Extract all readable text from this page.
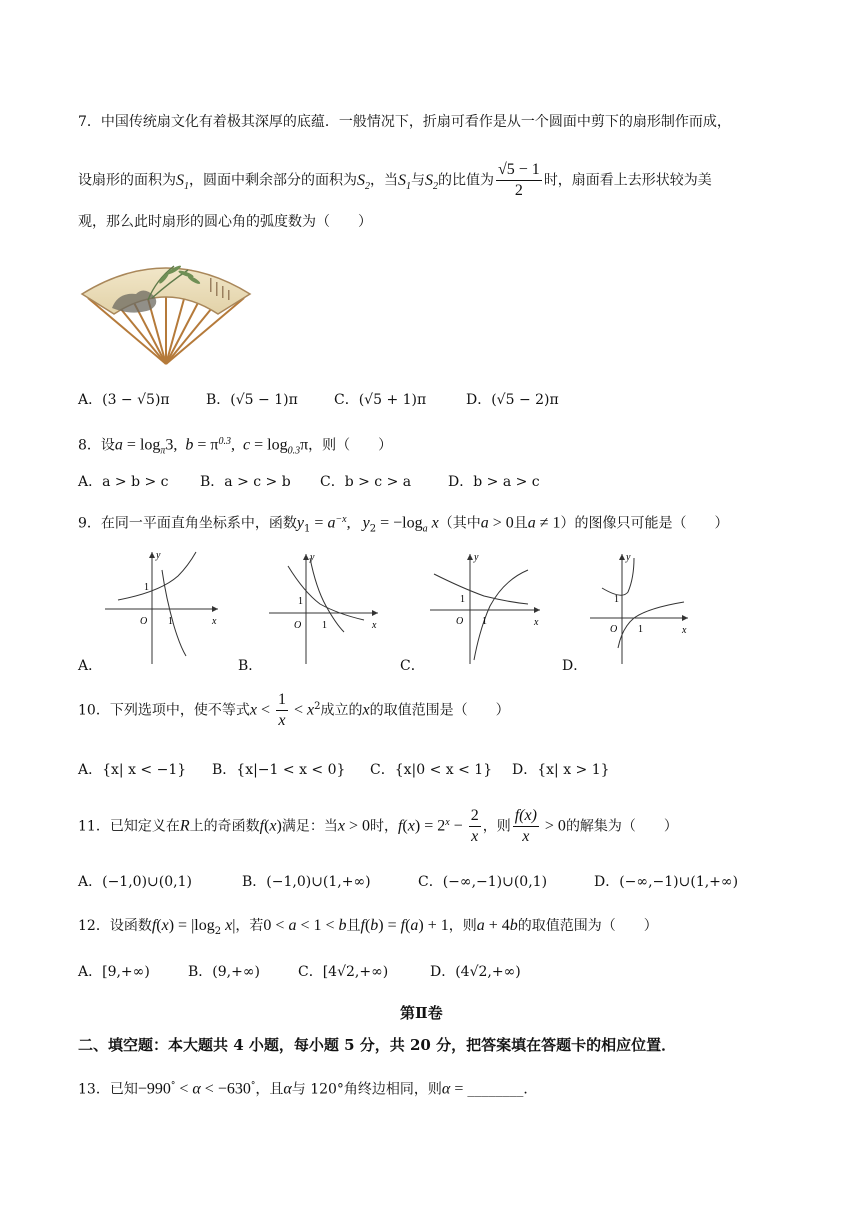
7．中国传统扇文化有着极其深厚的底蕴．一般情况下，折扇可看作是从一个圆面中剪下的扇形制作而成，
设扇形的面积为$S_1$，圆面中剩余部分的面积为$S_2$，当$S_1$与$S_2$的比值为 $\frac{√5 - 1}{2}$ 时，扇面看上去形状较为美
观，那么此时扇形的圆心角的弧度数为（　　）
A．(3 − √5)π	B．(√5 − 1)π	C．(√5 + 1)π	D．(√5 − 2)π
8．设$a = \log_\pi 3$,  $b = \pi^{0.3}$,  $c = \log_{0.3}\pi$，则（　　）
A．a > b > c B．a > c > b C．b > c > a	D．b > a > c
9．在同一平面直角坐标系中，函数$y_1 = a^{-x}$,   $y_2 = -\log_a$ x（其中a > 0且a ≠ 1）的图像只可能是（　　）
y
x
O
1
1
A．
y
x
O
1
1
B．
y
x
O
1
1
C．
y
x
O
1
1
D．
10．下列选项中，使不等式$x < \frac{1}{x} < x^2$成立的x的取值范围是（　　）
A．{x| x < −1} B．{x|−1 < x < 0} C．{x|0 < x < 1} D．{x| x > 1}
11．已知定义在R上的奇函数f(x)满足：当x > 0时，$f(x) = 2^x - \frac{2}{x}$ ，则 $\frac{f(x)}{x} > 0$的解集为（　　）
A．(−1,0)∪(0,1)	B．(−1,0)∪(1,+∞)	C．(−∞,−1)∪(0,1)	D．(−∞,−1)∪(1,+∞)
12．设函数$f(x) = |\log_2$ x|，若0 < a < 1 < b且f(b) = f(a) + 1，则a + 4b的取值范围为（　　）
A．[9,+∞)	B．(9,+∞)	C．[4√2,+∞)	D．(4√2,+∞)
第Ⅱ卷
二、填空题：本大题共 4 小题，每小题 5 分，共 20 分，把答案填在答题卡的相应位置．
13．已知−990° < α < −630°，且α与 120°角终边相同，则α = ________．
